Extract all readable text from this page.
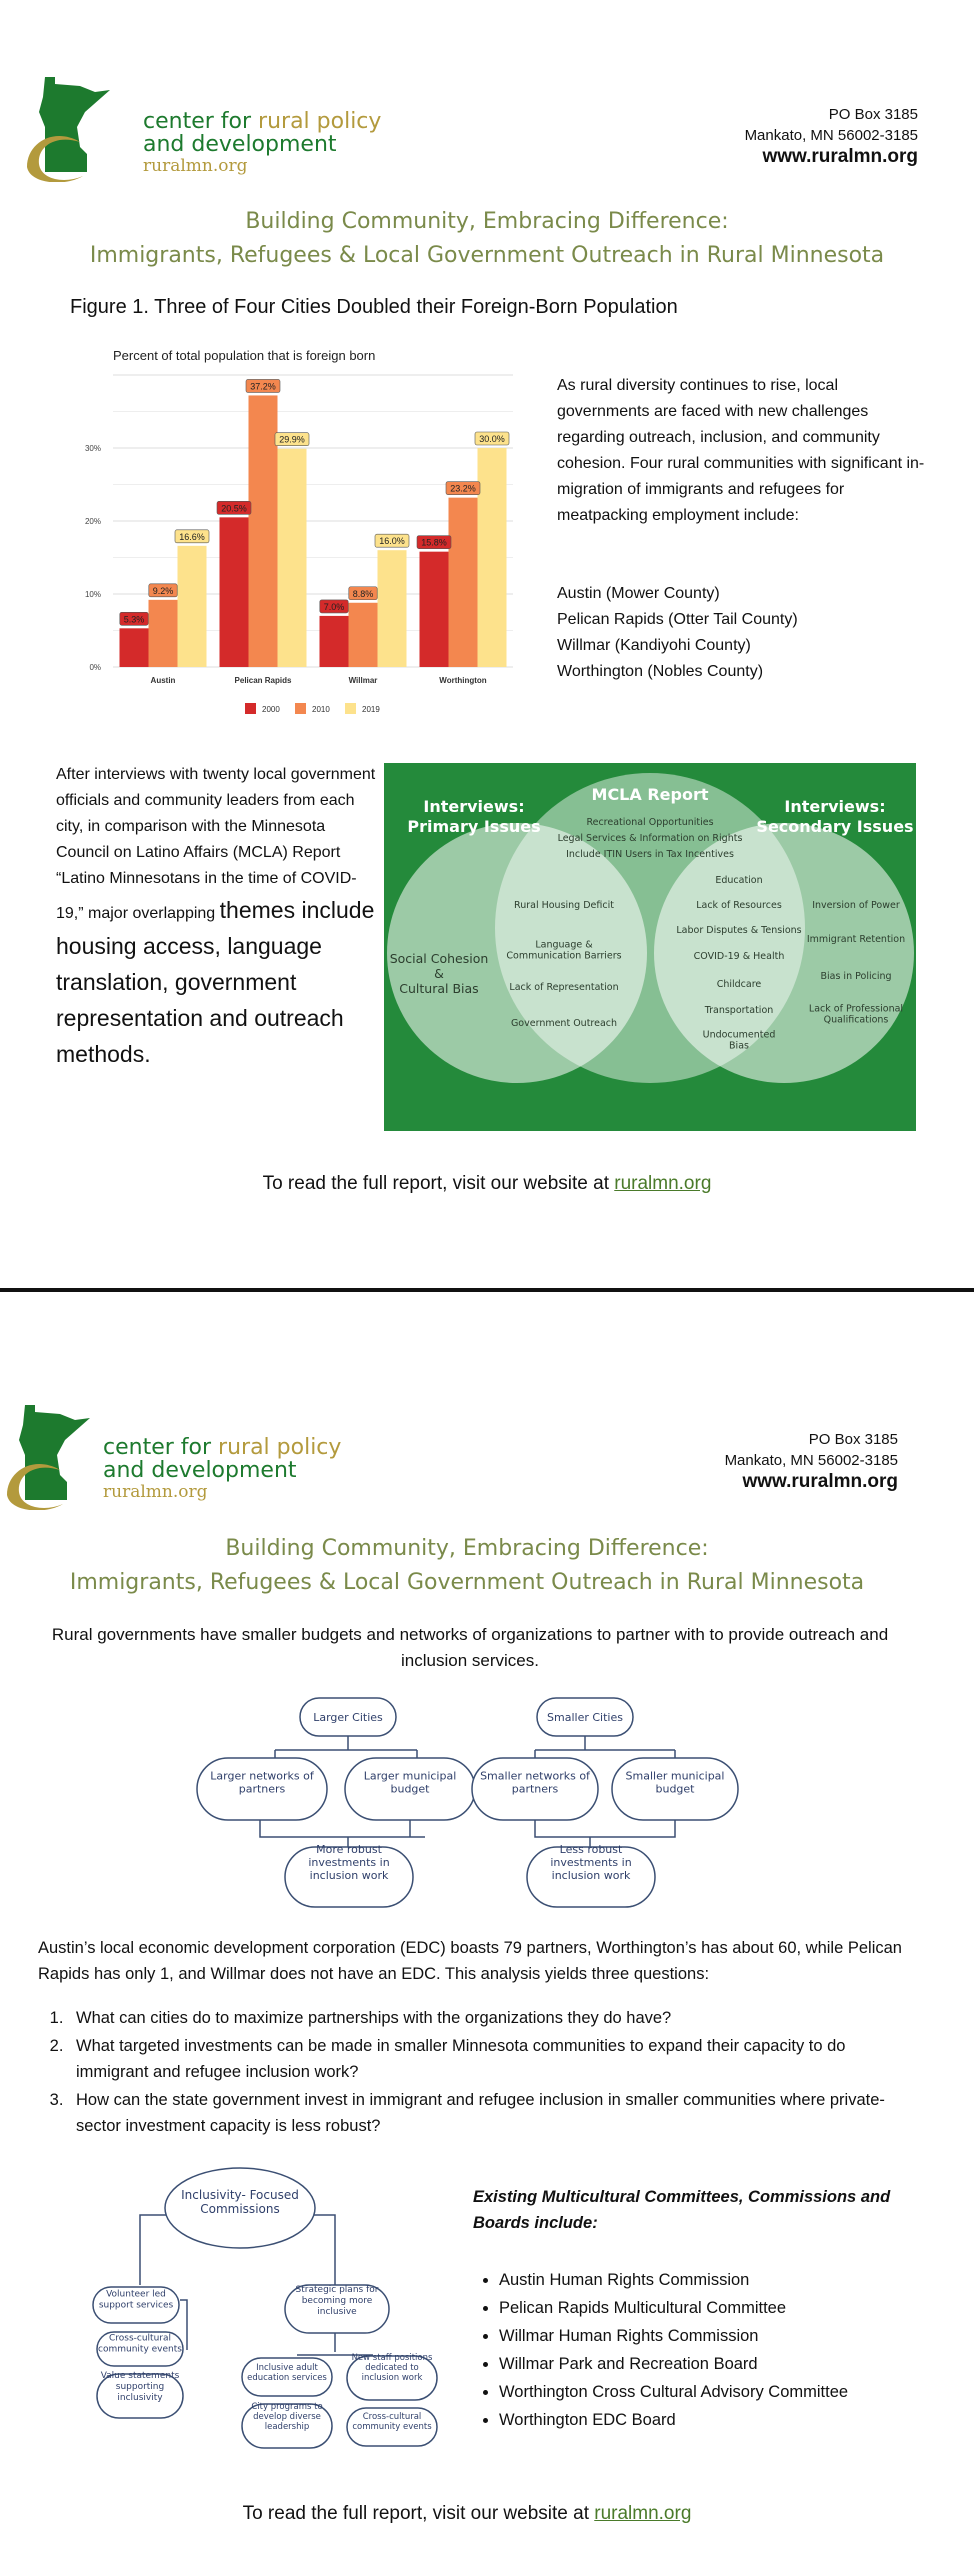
center for rural policy
and development
ruralmn.org
PO Box 3185
Mankato, MN 56002-3185
www.ruralmn.org
Building Community, Embracing Difference:
Immigrants, Refugees & Local Government Outreach in Rural Minnesota
Figure 1. Three of Four Cities Doubled their Foreign-Born Population
Percent of total population that is foreign born
5.3%
9.2%
16.6%
20.5%
37.2%
29.9%
7.0%
8.8%
16.0% 15.8%
23.2%
30.0%
0%
10%
20%
30%
Austin	Pelican Rapids	Willmar	Worthington
2000	2010	2019
As rural diversity continues to rise, local governments are faced with new challenges regarding outreach, inclusion, and community cohesion. Four rural communities with significant in-migration of immigrants and refugees for meatpacking employment include:
Austin (Mower County)
Pelican Rapids (Otter Tail County)
Willmar (Kandiyohi County)
Worthington (Nobles County)
After interviews with twenty local government officials and community leaders from each city, in comparison with the Minnesota Council on Latino Affairs (MCLA) Report “Latino Minnesotans in the time of COVID-19,” major overlapping themes include housing access, language translation, government representation and outreach methods.
MCLA Report
Interviews: Primary Issues
Interviews: Secondary Issues
Recreational Opportunities
Legal Services & Information on Rights
Include ITIN Users in Tax Incentives
Social Cohesion & Cultural Bias
Rural Housing Deficit
Language & Communication Barriers
Lack of Representation
Government Outreach
Education
Lack of Resources
Labor Disputes & Tensions
COVID-19 & Health
Childcare
Transportation
Undocumented Bias
Inversion of Power
Immigrant Retention
Bias in Policing
Lack of Professional Qualifications
To read the full report, visit our website at ruralmn.org
center for rural policy
and development
ruralmn.org
PO Box 3185
Mankato, MN 56002-3185
www.ruralmn.org
Building Community, Embracing Difference:
Immigrants, Refugees & Local Government Outreach in Rural Minnesota
Rural governments have smaller budgets and networks of organizations to partner with to provide outreach and inclusion services.
Larger Cities
Larger networks of partners
Larger municipal budget
More robust investments in inclusion work
Smaller Cities
Smaller networks of partners
Smaller municipal budget
Less robust investments in inclusion work
Austin’s local economic development corporation (EDC) boasts 79 partners, Worthington’s has about 60, while Pelican Rapids has only 1, and Willmar does not have an EDC. This analysis yields three questions:
1. What can cities do to maximize partnerships with the organizations they do have?
2. What targeted investments can be made in smaller Minnesota communities to expand their capacity to do immigrant and refugee inclusion work?
3. How can the state government invest in immigrant and refugee inclusion in smaller communities where private-sector investment capacity is less robust?
Inclusivity- Focused Commissions
Volunteer led support services
Cross-cultural community events
Value statements supporting inclusivity
Strategic plans for becoming more inclusive
Inclusive adult education services
New staff positions dedicated to inclusion work
City programs to develop diverse leadership
Cross-cultural community events
Existing Multicultural Committees, Commissions and Boards include:
• Austin Human Rights Commission
• Pelican Rapids Multicultural Committee
• Willmar Human Rights Commission
• Willmar Park and Recreation Board
• Worthington Cross Cultural Advisory Committee
• Worthington EDC Board
To read the full report, visit our website at ruralmn.org
